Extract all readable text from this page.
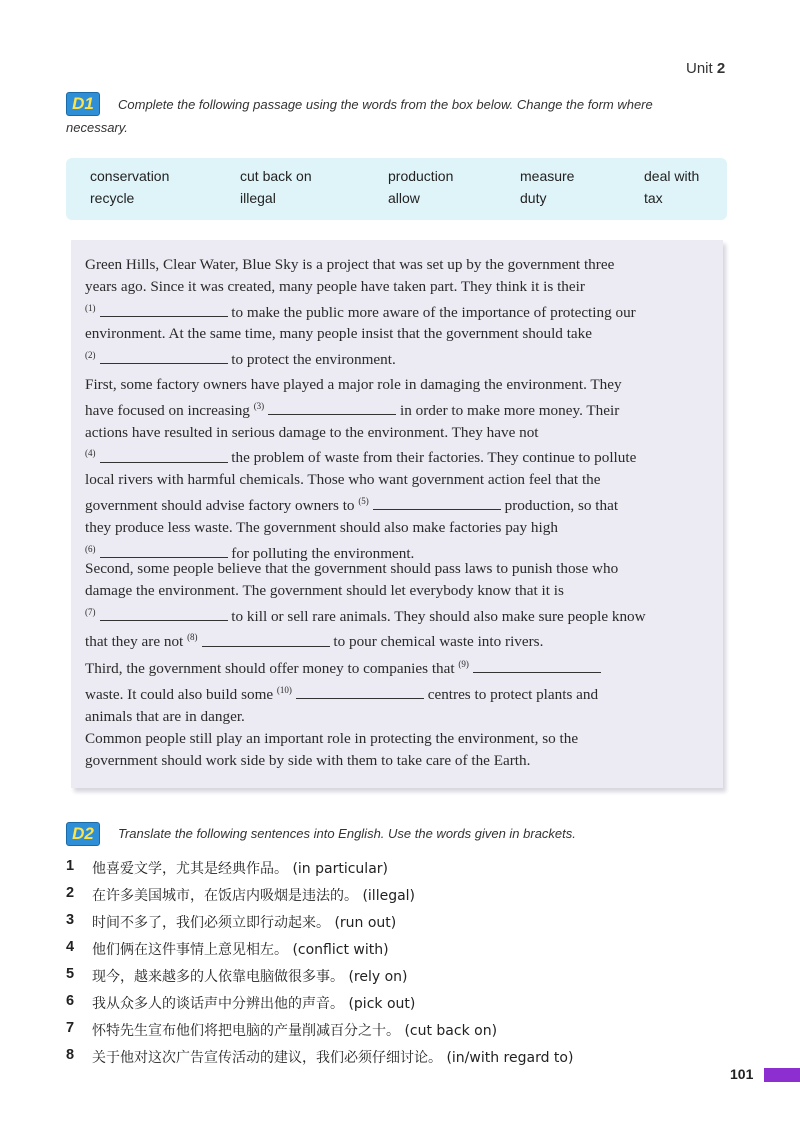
Unit 2
D1	Complete the following passage using the words from the box below. Change the form where
necessary.
conservation	cut back on	production	measure	deal with
recycle	illegal	allow	duty	tax
Green Hills, Clear Water, Blue Sky is a project that was set up by the government three
years ago. Since it was created, many people have taken part. They think it is their
$^{(1)}$	to make the public more aware of the importance of protecting our
environment. At the same time, many people insist that the government should take
$^{(2)}$	to protect the environment.
First, some factory owners have played a major role in damaging the environment. They
have focused on increasing $^{(3)}$	in order to make more money. Their
actions have resulted in serious damage to the environment. They have not
$^{(4)}$	the problem of waste from their factories. They continue to pollute
local rivers with harmful chemicals. Those who want government action feel that the
government should advise factory owners to $^{(5)}$	production, so that
they produce less waste. The government should also make factories pay high
$^{(6)}$	for polluting the environment.
Second, some people believe that the government should pass laws to punish those who
damage the environment. The government should let everybody know that it is
$^{(7)}$	to kill or sell rare animals. They should also make sure people know
that they are not $^{(8)}$	to pour chemical waste into rivers.
Third, the government should offer money to companies that $^{(9)}$
waste. It could also build some $^{(10)}$	centres to protect plants and
animals that are in danger.
Common people still play an important role in protecting the environment, so the
government should work side by side with them to take care of the Earth.
D2	Translate the following sentences into English. Use the words given in brackets.
1	他喜爱文学，尤其是经典作品。 (in particular)
2	在许多美国城市，在饭店内吸烟是违法的。 (illegal)
3	时间不多了，我们必须立即行动起来。 (run out)
4	他们俩在这件事情上意见相左。 (conflict with)
5	现今，越来越多的人依靠电脑做很多事。 (rely on)
6	我从众多人的谈话声中分辨出他的声音。 (pick out)
7	怀特先生宣布他们将把电脑的产量削减百分之十。 (cut back on)
8	关于他对这次广告宣传活动的建议，我们必须仔细讨论。 (in/with regard to)
101
